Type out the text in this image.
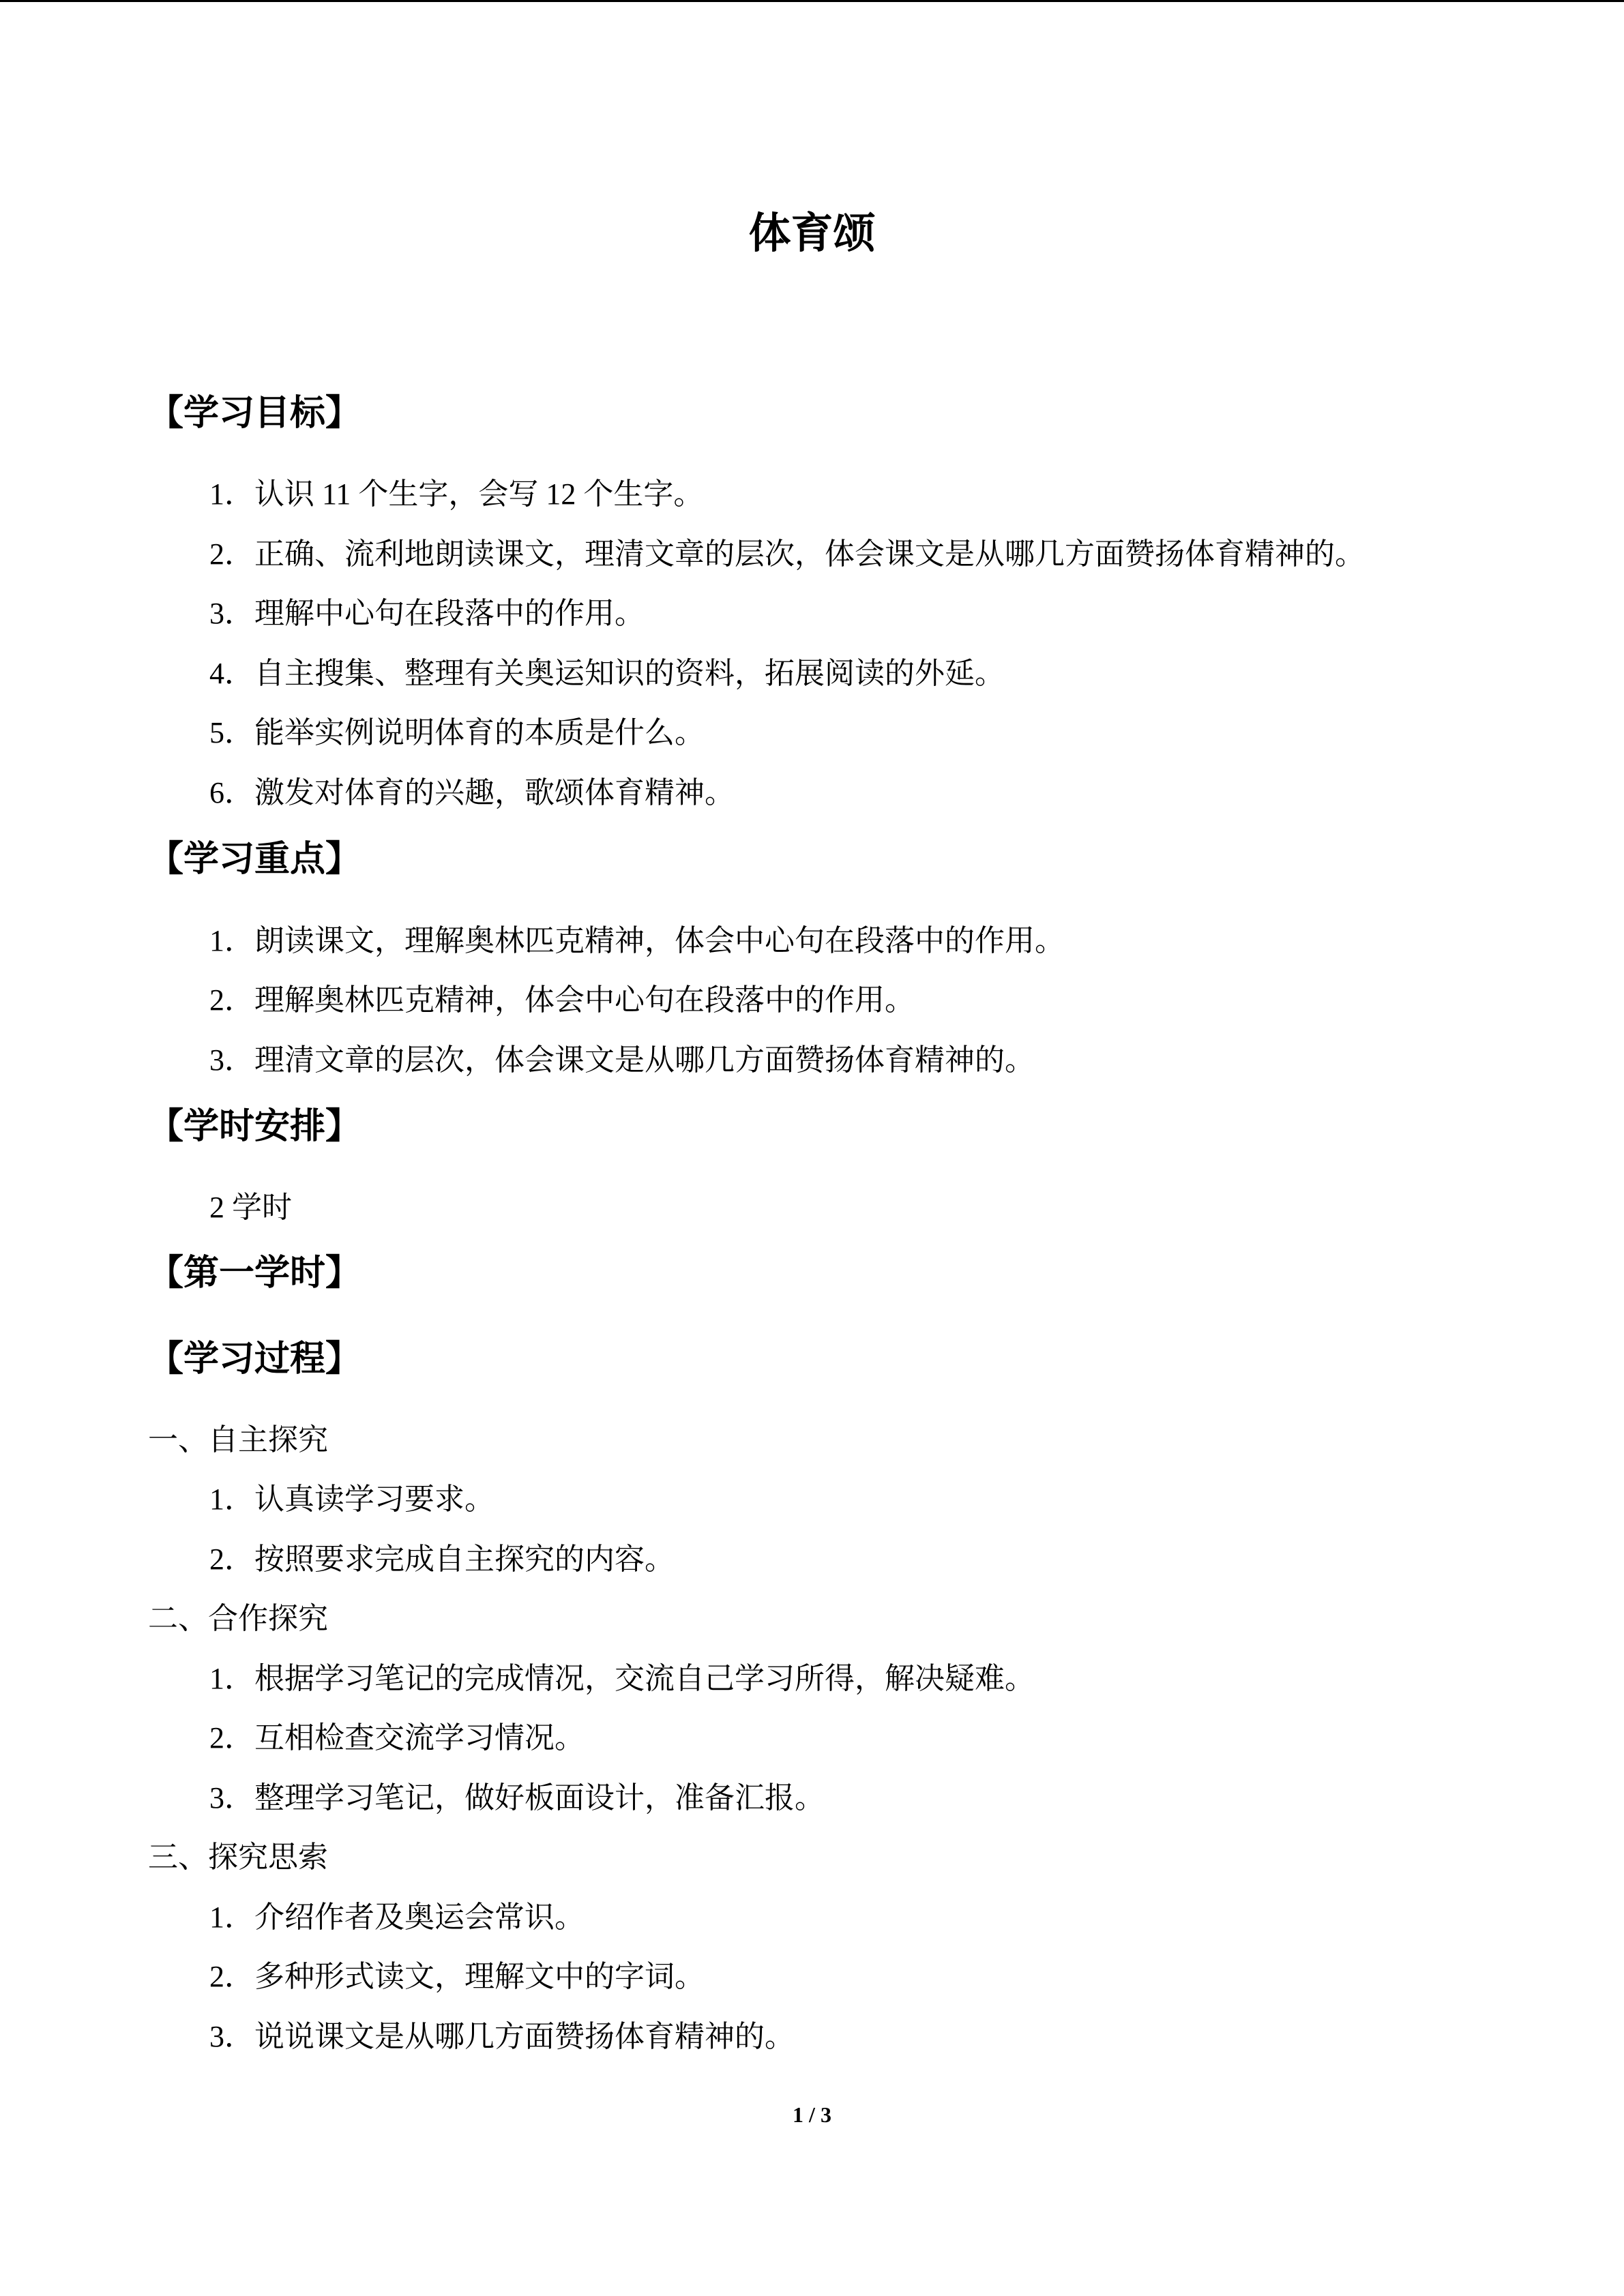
体育颂
【学习目标】
1．认识 11 个生字，会写 12 个生字。
2．正确、流利地朗读课文，理清文章的层次，体会课文是从哪几方面赞扬体育精神的。
3．理解中心句在段落中的作用。
4．自主搜集、整理有关奥运知识的资料，拓展阅读的外延。
5．能举实例说明体育的本质是什么。
6．激发对体育的兴趣，歌颂体育精神。
【学习重点】
1．朗读课文，理解奥林匹克精神，体会中心句在段落中的作用。
2．理解奥林匹克精神，体会中心句在段落中的作用。
3．理清文章的层次，体会课文是从哪几方面赞扬体育精神的。
【学时安排】
2 学时
【第一学时】
【学习过程】
一、自主探究
1．认真读学习要求。
2．按照要求完成自主探究的内容。
二、合作探究
1．根据学习笔记的完成情况，交流自己学习所得，解决疑难。
2．互相检查交流学习情况。
3．整理学习笔记，做好板面设计，准备汇报。
三、探究思索
1．介绍作者及奥运会常识。
2．多种形式读文，理解文中的字词。
3．说说课文是从哪几方面赞扬体育精神的。
1 / 3
